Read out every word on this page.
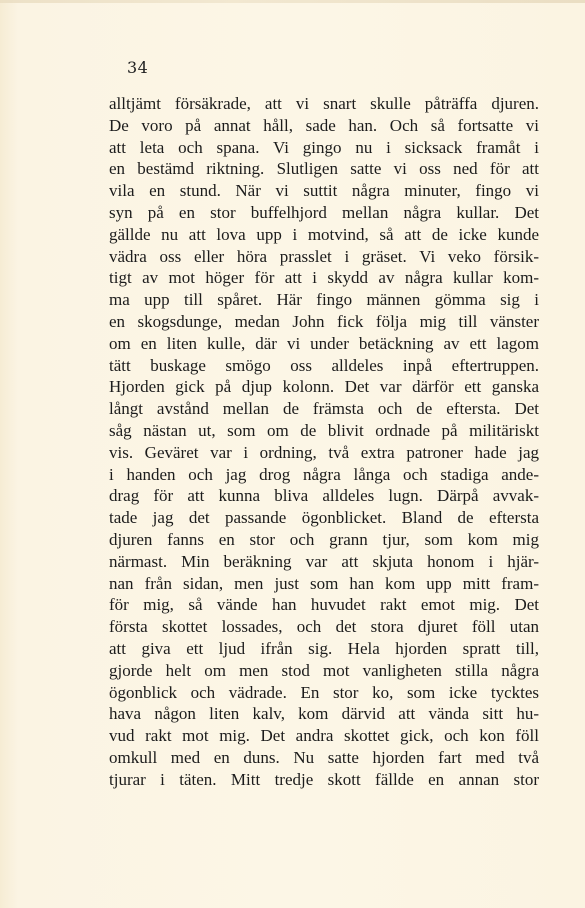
34
alltjämt försäkrade, att vi snart skulle påträffa djuren.
De voro på annat håll, sade han. Och så fortsatte vi
att leta och spana. Vi gingo nu i sicksack framåt i
en bestämd riktning. Slutligen satte vi oss ned för att
vila en stund. När vi suttit några minuter, fingo vi
syn på en stor buffelhjord mellan några kullar. Det
gällde nu att lova upp i motvind, så att de icke kunde
vädra oss eller höra prasslet i gräset. Vi veko försik-
tigt av mot höger för att i skydd av några kullar kom-
ma upp till spåret. Här fingo männen gömma sig i
en skogsdunge, medan John fick följa mig till vänster
om en liten kulle, där vi under betäckning av ett lagom
tätt buskage smögo oss alldeles inpå eftertruppen.
Hjorden gick på djup kolonn. Det var därför ett ganska
långt avstånd mellan de främsta och de eftersta. Det
såg nästan ut, som om de blivit ordnade på militäriskt
vis. Geväret var i ordning, två extra patroner hade jag
i handen och jag drog några långa och stadiga ande-
drag för att kunna bliva alldeles lugn. Därpå avvak-
tade jag det passande ögonblicket. Bland de eftersta
djuren fanns en stor och grann tjur, som kom mig
närmast. Min beräkning var att skjuta honom i hjär-
nan från sidan, men just som han kom upp mitt fram-
för mig, så vände han huvudet rakt emot mig. Det
första skottet lossades, och det stora djuret föll utan
att giva ett ljud ifrån sig. Hela hjorden spratt till,
gjorde helt om men stod mot vanligheten stilla några
ögonblick och vädrade. En stor ko, som icke tycktes
hava någon liten kalv, kom därvid att vända sitt hu-
vud rakt mot mig. Det andra skottet gick, och kon föll
omkull med en duns. Nu satte hjorden fart med två
tjurar i täten. Mitt tredje skott fällde en annan stor
